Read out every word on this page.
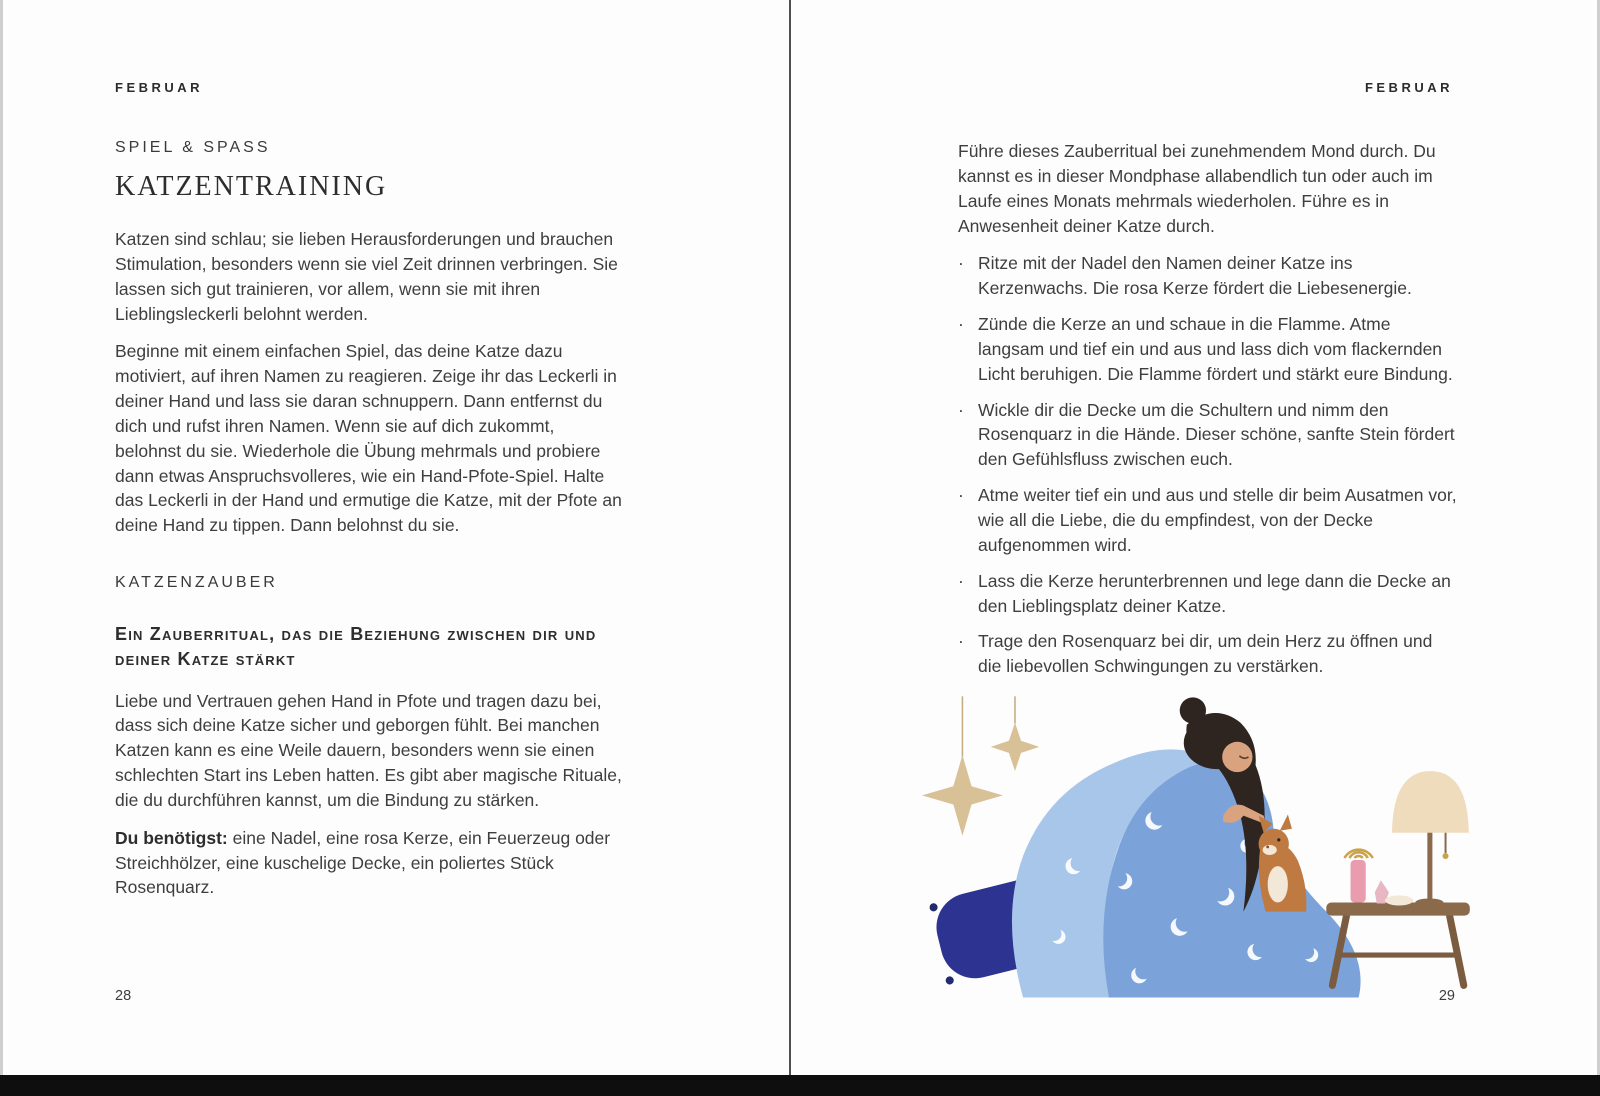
FEBRUAR	FEBRUAR
SPIEL & SPASS
KATZENTRAINING

Katzen sind schlau; sie lieben Herausforderungen und brauchen Stimulation, besonders wenn sie viel Zeit drinnen verbringen. Sie lassen sich gut trainieren, vor allem, wenn sie mit ihren Lieblingsleckerli belohnt werden.

Beginne mit einem einfachen Spiel, das deine Katze dazu motiviert, auf ihren Namen zu reagieren. Zeige ihr das Leckerli in deiner Hand und lass sie daran schnuppern. Dann entfernst du dich und rufst ihren Namen. Wenn sie auf dich zukommt, belohnst du sie. Wiederhole die Übung mehrmals und probiere dann etwas Anspruchsvolleres, wie ein Hand-Pfote-Spiel. Halte das Leckerli in der Hand und ermutige die Katze, mit der Pfote an deine Hand zu tippen. Dann belohnst du sie.

KATZENZAUBER
Ein Zauberritual, das die Beziehung zwischen dir und deiner Katze stärkt

Liebe und Vertrauen gehen Hand in Pfote und tragen dazu bei, dass sich deine Katze sicher und geborgen fühlt. Bei manchen Katzen kann es eine Weile dauern, besonders wenn sie einen schlechten Start ins Leben hatten. Es gibt aber magische Rituale, die du durchführen kannst, um die Bindung zu stärken.

Du benötigst: eine Nadel, eine rosa Kerze, ein Feuerzeug oder Streichhölzer, eine kuschelige Decke, ein poliertes Stück Rosenquarz.

Führe dieses Zauberritual bei zunehmendem Mond durch. Du kannst es in dieser Mondphase allabendlich tun oder auch im Laufe eines Monats mehrmals wiederholen. Führe es in Anwesenheit deiner Katze durch.

· Ritze mit der Nadel den Namen deiner Katze ins Kerzenwachs. Die rosa Kerze fördert die Liebesenergie.
· Zünde die Kerze an und schaue in die Flamme. Atme langsam und tief ein und aus und lass dich vom flackernden Licht beruhigen. Die Flamme fördert und stärkt eure Bindung.
· Wickle dir die Decke um die Schultern und nimm den Rosenquarz in die Hände. Dieser schöne, sanfte Stein fördert den Gefühlsfluss zwischen euch.
· Atme weiter tief ein und aus und stelle dir beim Ausatmen vor, wie all die Liebe, die du empfindest, von der Decke aufgenommen wird.
· Lass die Kerze herunterbrennen und lege dann die Decke an den Lieblingsplatz deiner Katze.
· Trage den Rosenquarz bei dir, um dein Herz zu öffnen und die liebevollen Schwingungen zu verstärken.
28	29
